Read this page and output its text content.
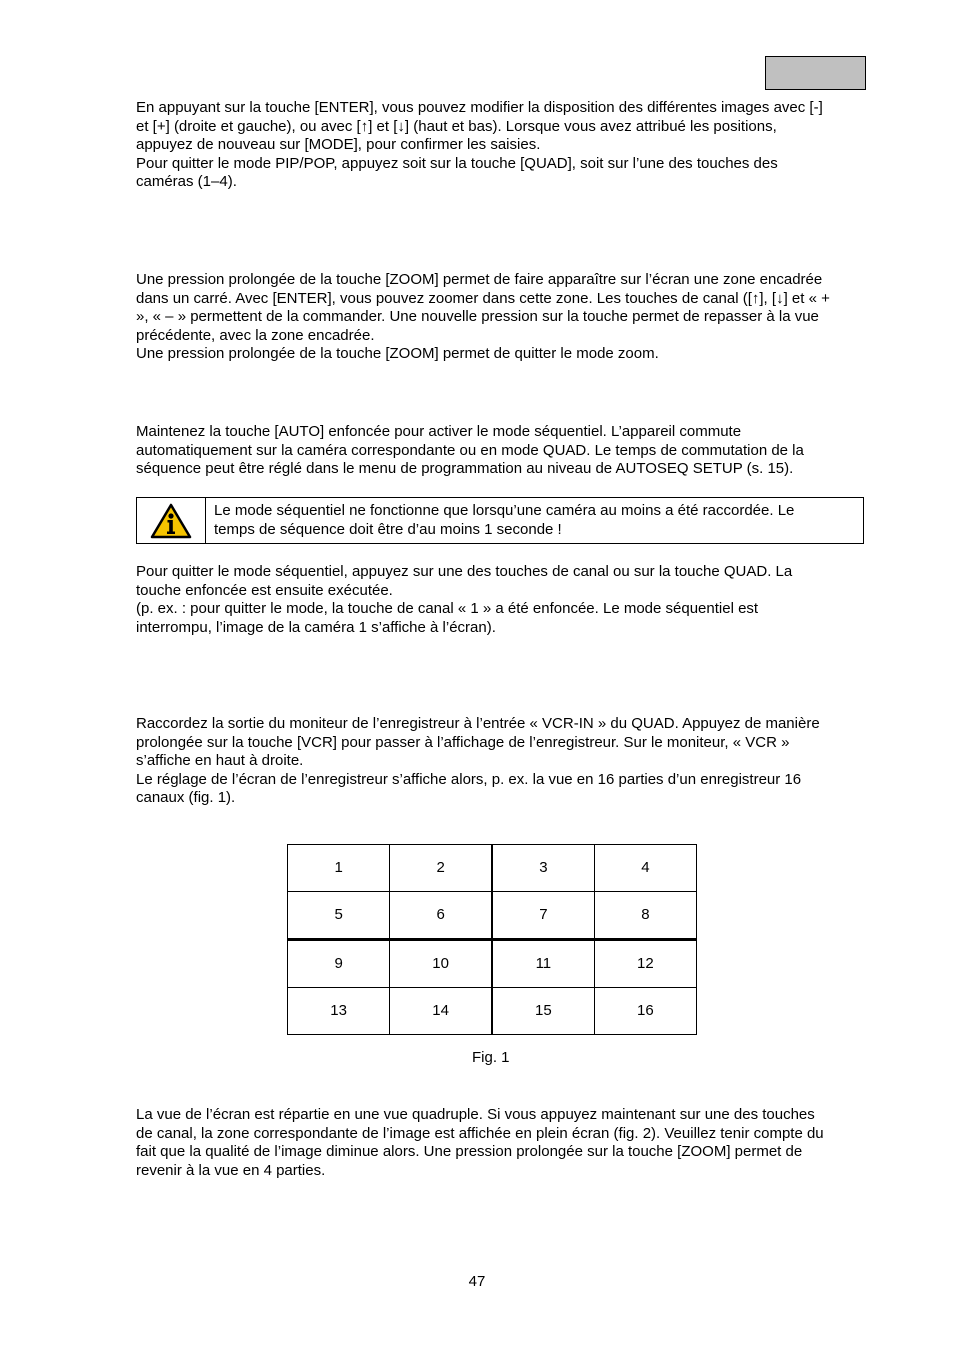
En appuyant sur la touche [ENTER], vous pouvez modifier la disposition des différentes images avec [-]

et [+] (droite et gauche), ou avec [↑] et [↓] (haut et bas). Lorsque vous avez attribué les positions,

appuyez de nouveau sur [MODE], pour confirmer les saisies.

Pour quitter le mode PIP/POP, appuyez soit sur la touche [QUAD], soit sur l’une des touches des

caméras (1–4).

Une pression prolongée de la touche [ZOOM] permet de faire apparaître sur l’écran une zone encadrée

dans un carré. Avec [ENTER], vous pouvez zoomer dans cette zone. Les touches de canal ([↑], [↓] et « +

», « – » permettent de la commander. Une nouvelle pression sur la touche permet de repasser à la vue

précédente, avec la zone encadrée.

Une pression prolongée de la touche [ZOOM] permet de quitter le mode zoom.

Maintenez la touche [AUTO] enfoncée pour activer le mode séquentiel. L’appareil commute

automatiquement sur la caméra correspondante ou en mode QUAD. Le temps de commutation de la

séquence peut être réglé dans le menu de programmation au niveau de AUTOSEQ SETUP (s. 15).

Le mode séquentiel ne fonctionne que lorsqu’une caméra au moins a été raccordée. Le
temps de séquence doit être d’au moins 1 seconde !

Pour quitter le mode séquentiel, appuyez sur une des touches de canal ou sur la touche QUAD. La

touche enfoncée est ensuite exécutée.

(p. ex. : pour quitter le mode, la touche de canal « 1 » a été enfoncée. Le mode séquentiel est

interrompu, l’image de la caméra 1 s’affiche à l’écran).

Raccordez la sortie du moniteur de l’enregistreur à l’entrée « VCR-IN » du QUAD. Appuyez de manière

prolongée sur la touche [VCR] pour passer à l’affichage de l’enregistreur. Sur le moniteur, « VCR »

s’affiche en haut à droite.

Le réglage de l’écran de l’enregistreur s’affiche alors, p. ex. la vue en 16 parties d’un enregistreur 16

canaux (fig. 1).

1	2	3	4
5	6	7	8
9	10	11	12
13	14	15	16
Fig. 1

La vue de l’écran est répartie en une vue quadruple. Si vous appuyez maintenant sur une des touches

de canal, la zone correspondante de l’image est affichée en plein écran (fig. 2). Veuillez tenir compte du

fait que la qualité de l’image diminue alors. Une pression prolongée sur la touche [ZOOM] permet de

revenir à la vue en 4 parties.

47
